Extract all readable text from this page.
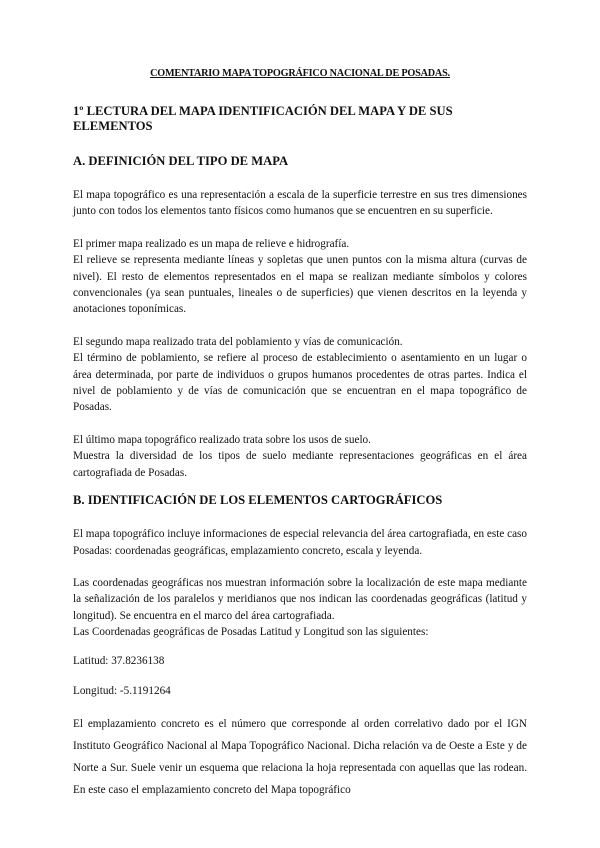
COMENTARIO MAPA TOPOGRÁFICO NACIONAL DE POSADAS.
1º LECTURA DEL MAPA IDENTIFICACIÓN DEL MAPA Y DE SUS ELEMENTOS
A. DEFINICIÓN DEL TIPO DE MAPA

El mapa topográfico es una representación a escala de la superficie terrestre en sus tres dimensiones junto con todos los elementos tanto físicos como humanos que se encuentren en su superficie.

El primer mapa realizado es un mapa de relieve e hidrografía.

El relieve se representa mediante líneas y sopletas que unen puntos con la misma altura (curvas de nivel). El resto de elementos representados en el mapa se realizan mediante símbolos y colores convencionales (ya sean puntuales, lineales o de superficies) que vienen descritos en la leyenda y anotaciones toponímicas.

El segundo mapa realizado trata del poblamiento y vías de comunicación.

El término de poblamiento, se refiere al proceso de establecimiento o asentamiento en un lugar o área determinada, por parte de individuos o grupos humanos procedentes de otras partes. Indica el nivel de poblamiento y de vías de comunicación que se encuentran en el mapa topográfico de Posadas.

El último mapa topográfico realizado trata sobre los usos de suelo.

Muestra la diversidad de los tipos de suelo mediante representaciones geográficas en el área cartografiada de Posadas.

B. IDENTIFICACIÓN DE LOS ELEMENTOS CARTOGRÁFICOS

El mapa topográfico incluye informaciones de especial relevancia del área cartografiada, en este caso Posadas: coordenadas geográficas, emplazamiento concreto, escala y leyenda.

Las coordenadas geográficas nos muestran información sobre la localización de este mapa mediante la señalización de los paralelos y meridianos que nos indican las coordenadas geográficas (latitud y longitud). Se encuentra en el marco del área cartografiada.

Las Coordenadas geográficas de Posadas Latitud y Longitud son las siguientes:

Latitud: 37.8236138

Longitud: -5.1191264

El emplazamiento concreto es el número que corresponde al orden correlativo dado por el IGN Instituto Geográfico Nacional al Mapa Topográfico Nacional. Dicha relación va de Oeste a Este y de Norte a Sur. Suele venir un esquema que relaciona la hoja representada con aquellas que las rodean. En este caso el emplazamiento concreto del Mapa topográfico
